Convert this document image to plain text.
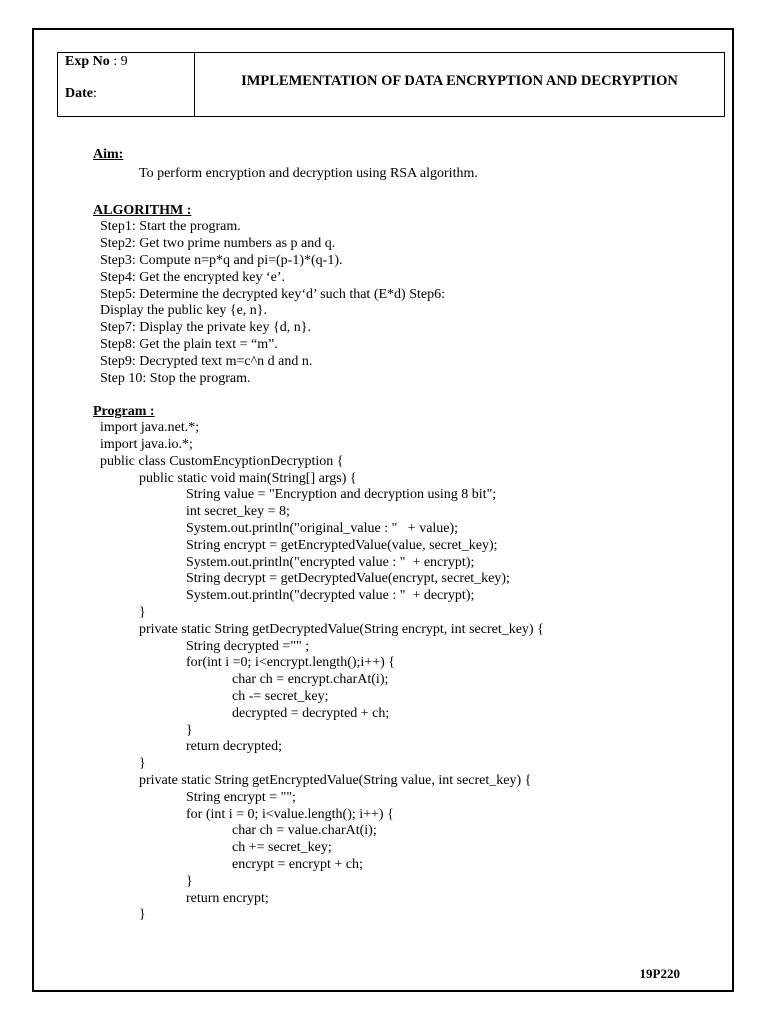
Exp No : 9
Date:
IMPLEMENTATION OF DATA ENCRYPTION AND DECRYPTION
Aim:
To perform encryption and decryption using RSA algorithm.
ALGORITHM :
Step1: Start the program.
Step2: Get two prime numbers as p and q.
Step3: Compute n=p*q and pi=(p-1)*(q-1).
Step4: Get the encrypted key ‘e’.
Step5: Determine the decrypted key‘d’ such that (E*d) Step6:
Display the public key {e, n}.
Step7: Display the private key {d, n}.
Step8: Get the plain text = “m”.
Step9: Decrypted text m=c^n d and n.
Step 10: Stop the program.
Program :
import java.net.*;
import java.io.*;
public class CustomEncyptionDecryption {
public static void main(String[] args) {
String value = "Encryption and decryption using 8 bit";
int secret_key = 8;
System.out.println("original_value : "   + value);
String encrypt = getEncryptedValue(value, secret_key);
System.out.println("encrypted value : "  + encrypt);
String decrypt = getDecryptedValue(encrypt, secret_key);
System.out.println("decrypted value : "  + decrypt);
}
private static String getDecryptedValue(String encrypt, int secret_key) {
String decrypted ="" ;
for(int i =0; i<encrypt.length();i++) {
char ch = encrypt.charAt(i);
ch -= secret_key;
decrypted = decrypted + ch;
}
return decrypted;
}
private static String getEncryptedValue(String value, int secret_key) {
String encrypt = "";
for (int i = 0; i<value.length(); i++) {
char ch = value.charAt(i);
ch += secret_key;
encrypt = encrypt + ch;
}
return encrypt;
}
19P220
